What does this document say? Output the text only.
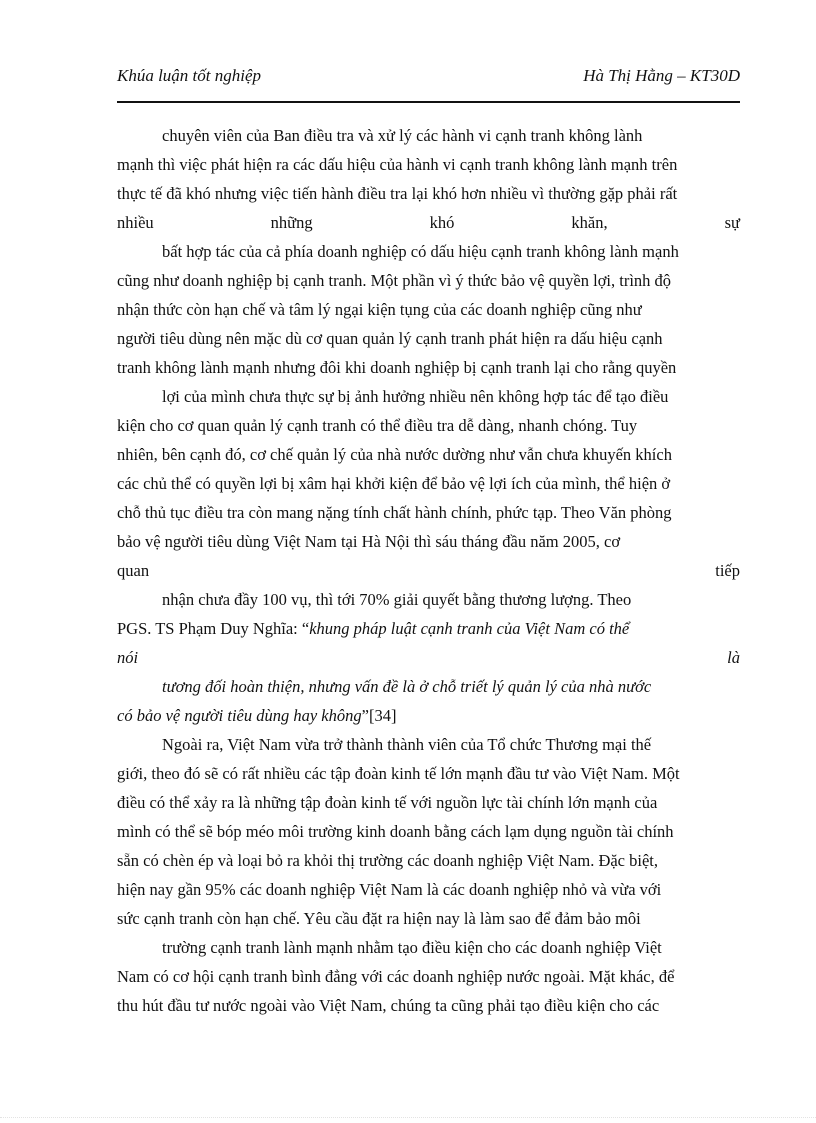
Khúa luận tốt nghiệp	Hà Thị Hằng – KT30D
chuyên viên của Ban điều tra và xử lý các hành vi cạnh tranh không lành
mạnh thì việc phát hiện ra các dấu hiệu của hành vi cạnh tranh không lành mạnh trên
thực tế đã khó nhưng việc tiến hành điều tra lại khó hơn nhiều vì thường gặp phải rất
nhiều	những	khó	khăn,	sự
bất hợp tác của cả phía doanh nghiệp có dấu hiệu cạnh tranh không lành mạnh
cũng như doanh nghiệp bị cạnh tranh. Một phần vì ý thức bảo vệ quyền lợi, trình độ
nhận thức còn hạn chế và tâm lý ngại kiện tụng của các doanh nghiệp cũng như
người tiêu dùng nên mặc dù cơ quan quản lý cạnh tranh phát hiện ra dấu hiệu cạnh
tranh không lành mạnh nhưng đôi khi doanh nghiệp bị cạnh tranh lại cho rằng quyền
lợi của mình chưa thực sự bị ảnh hưởng nhiều nên không hợp tác để tạo điều
kiện cho cơ quan quản lý cạnh tranh có thể điều tra dễ dàng, nhanh chóng. Tuy
nhiên, bên cạnh đó, cơ chế quản lý của nhà nước dường như vẫn chưa khuyến khích
các chủ thể có quyền lợi bị xâm hại khởi kiện để bảo vệ lợi ích của mình, thể hiện ở
chỗ thủ tục điều tra còn mang nặng tính chất hành chính, phức tạp. Theo Văn phòng
bảo vệ người tiêu dùng Việt Nam tại Hà Nội thì sáu tháng đầu năm 2005, cơ
quan	tiếp
nhận chưa đầy 100 vụ, thì tới 70% giải quyết bằng thương lượng. Theo
PGS. TS Phạm Duy Nghĩa: “khung pháp luật cạnh tranh của Việt Nam có thể
nói	là
tương đối hoàn thiện, nhưng vấn đề là ở chỗ triết lý quản lý của nhà nước
có bảo vệ người tiêu dùng hay không”[34]
Ngoài ra, Việt Nam vừa trở thành thành viên của Tổ chức Thương mại thế
giới, theo đó sẽ có rất nhiều các tập đoàn kinh tế lớn mạnh đầu tư vào Việt Nam. Một
điều có thể xảy ra là những tập đoàn kinh tế với nguồn lực tài chính lớn mạnh của
mình có thể sẽ bóp méo môi trường kinh doanh bằng cách lạm dụng nguồn tài chính
sẵn có chèn ép và loại bỏ ra khỏi thị trường các doanh nghiệp Việt Nam. Đặc biệt,
hiện nay gần 95% các doanh nghiệp Việt Nam là các doanh nghiệp nhỏ và vừa với
sức cạnh tranh còn hạn chế. Yêu cầu đặt ra hiện nay là làm sao để đảm bảo môi
trường cạnh tranh lành mạnh nhằm tạo điều kiện cho các doanh nghiệp Việt
Nam có cơ hội cạnh tranh bình đẳng với các doanh nghiệp nước ngoài. Mặt khác, để
thu hút đầu tư nước ngoài vào Việt Nam, chúng ta cũng phải tạo điều kiện cho các
